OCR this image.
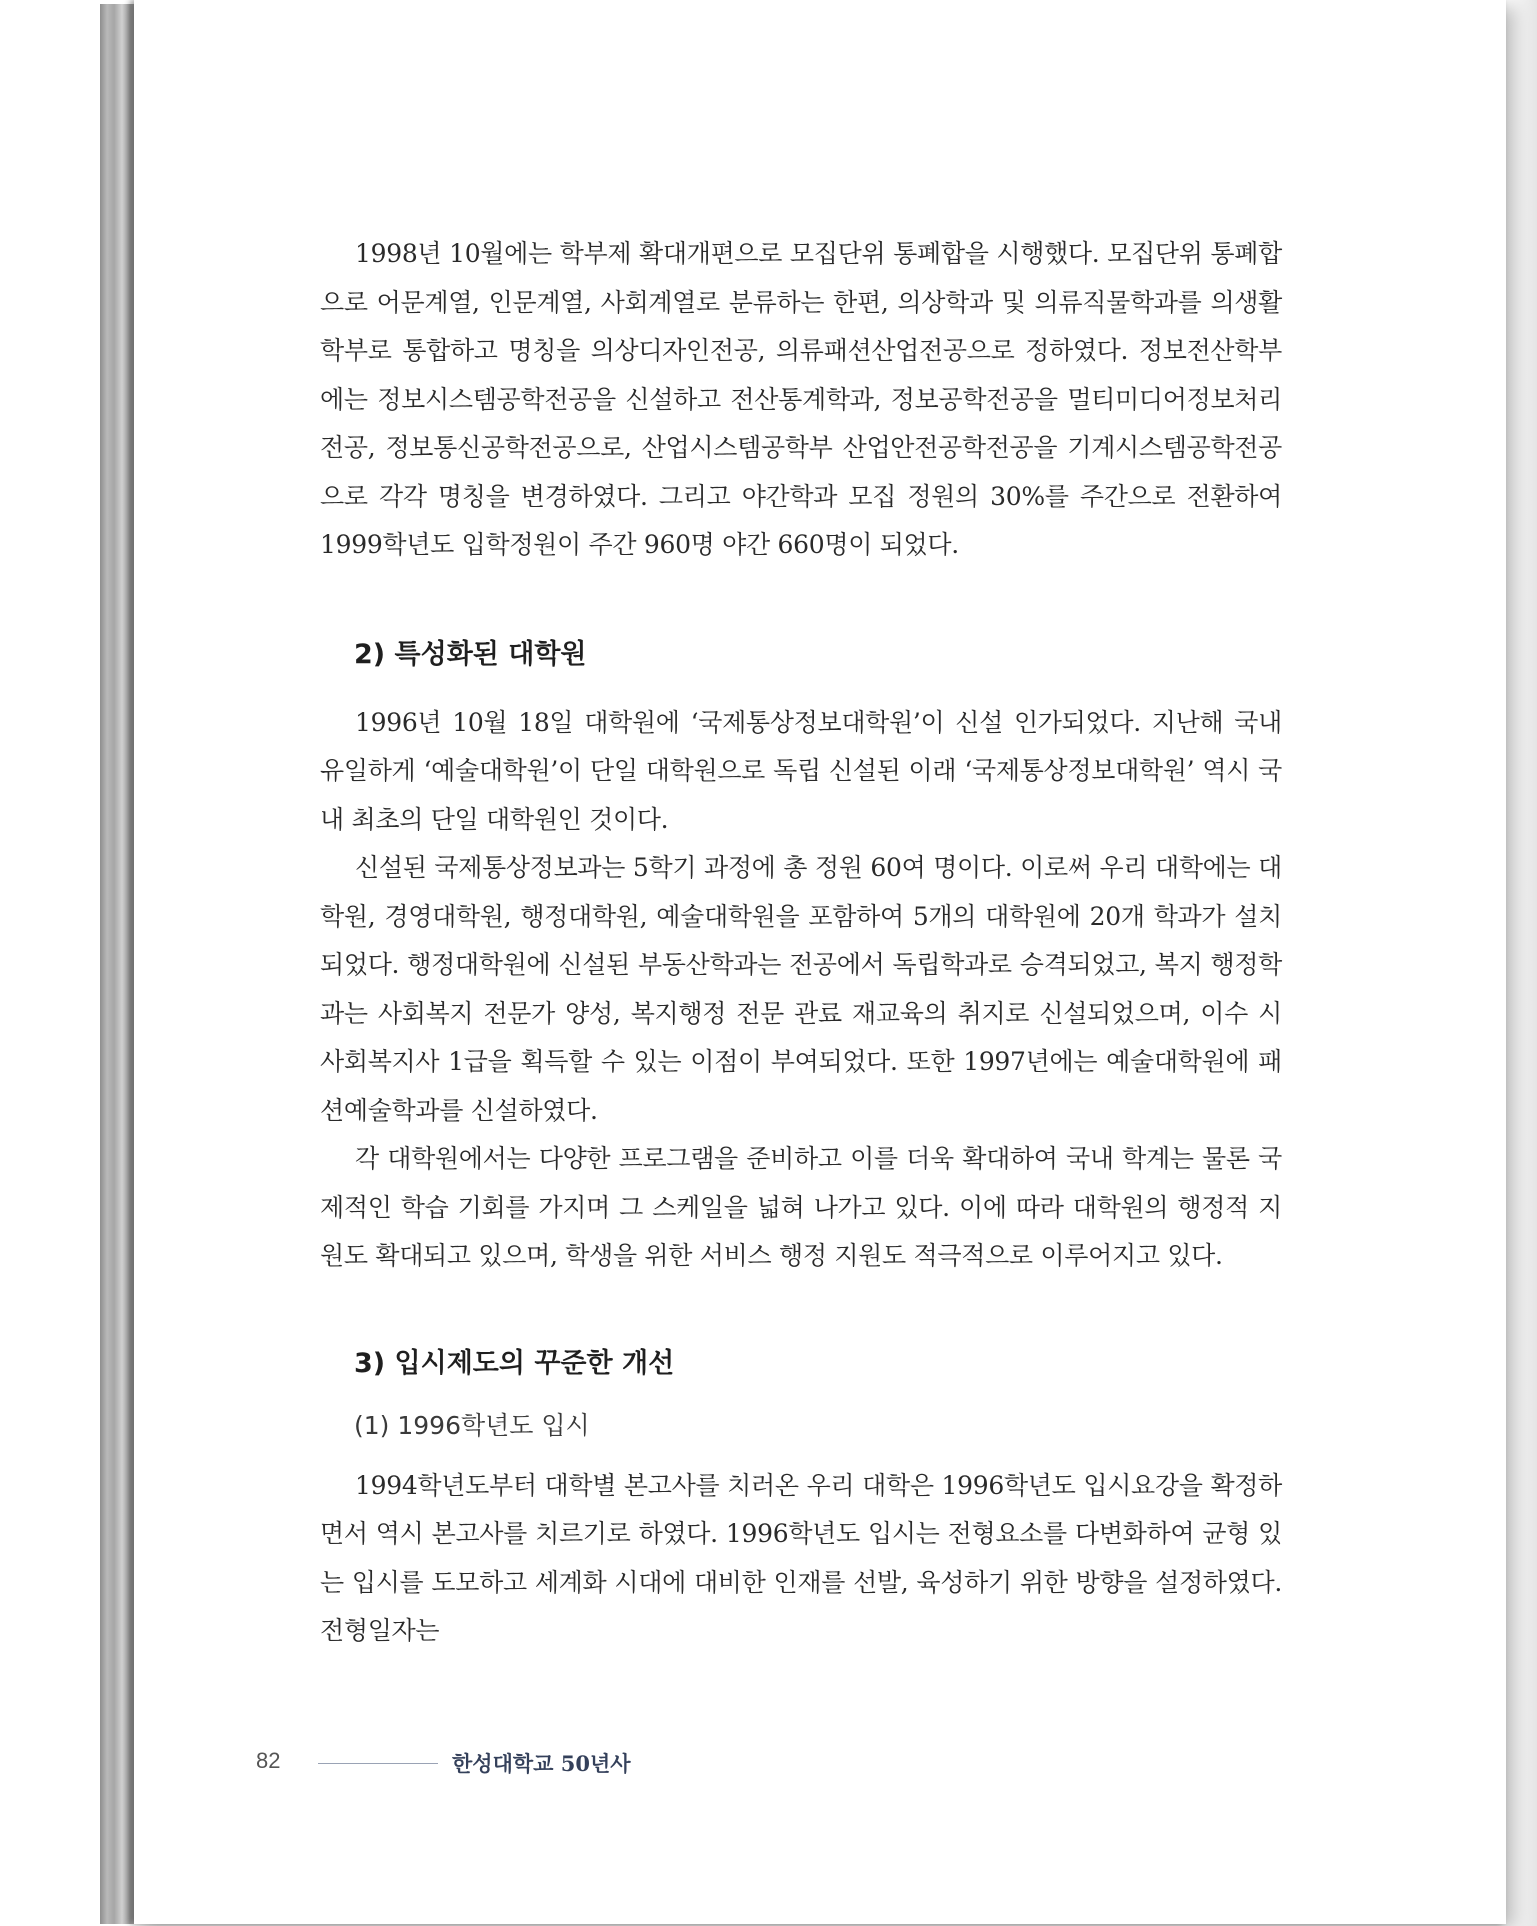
1998년 10월에는 학부제 확대개편으로 모집단위 통폐합을 시행했다. 모집단위 통폐합으로 어문계열, 인문계열, 사회계열로 분류하는 한편, 의상학과 및 의류직물학과를 의생활학부로 통합하고 명칭을 의상디자인전공, 의류패션산업전공으로 정하였다. 정보전산학부에는 정보시스템공학전공을 신설하고 전산통계학과, 정보공학전공을 멀티미디어정보처리전공, 정보통신공학전공으로, 산업시스템공학부 산업안전공학전공을 기계시스템공학전공으로 각각 명칭을 변경하였다. 그리고 야간학과 모집 정원의 30%를 주간으로 전환하여 1999학년도 입학정원이 주간 960명 야간 660명이 되었다.

2) 특성화된 대학원

1996년 10월 18일 대학원에 ‘국제통상정보대학원’이 신설 인가되었다. 지난해 국내 유일하게 ‘예술대학원’이 단일 대학원으로 독립 신설된 이래 ‘국제통상정보대학원’ 역시 국내 최초의 단일 대학원인 것이다.

신설된 국제통상정보과는 5학기 과정에 총 정원 60여 명이다. 이로써 우리 대학에는 대학원, 경영대학원, 행정대학원, 예술대학원을 포함하여 5개의 대학원에 20개 학과가 설치되었다. 행정대학원에 신설된 부동산학과는 전공에서 독립학과로 승격되었고, 복지 행정학과는 사회복지 전문가 양성, 복지행정 전문 관료 재교육의 취지로 신설되었으며, 이수 시 사회복지사 1급을 획득할 수 있는 이점이 부여되었다. 또한 1997년에는 예술대학원에 패션예술학과를 신설하였다.

각 대학원에서는 다양한 프로그램을 준비하고 이를 더욱 확대하여 국내 학계는 물론 국제적인 학습 기회를 가지며 그 스케일을 넓혀 나가고 있다. 이에 따라 대학원의 행정적 지원도 확대되고 있으며, 학생을 위한 서비스 행정 지원도 적극적으로 이루어지고 있다.

3) 입시제도의 꾸준한 개선

(1) 1996학년도 입시

1994학년도부터 대학별 본고사를 치러온 우리 대학은 1996학년도 입시요강을 확정하면서 역시 본고사를 치르기로 하였다. 1996학년도 입시는 전형요소를 다변화하여 균형 있는 입시를 도모하고 세계화 시대에 대비한 인재를 선발, 육성하기 위한 방향을 설정하였다. 전형일자는

82	한성대학교 50년사
